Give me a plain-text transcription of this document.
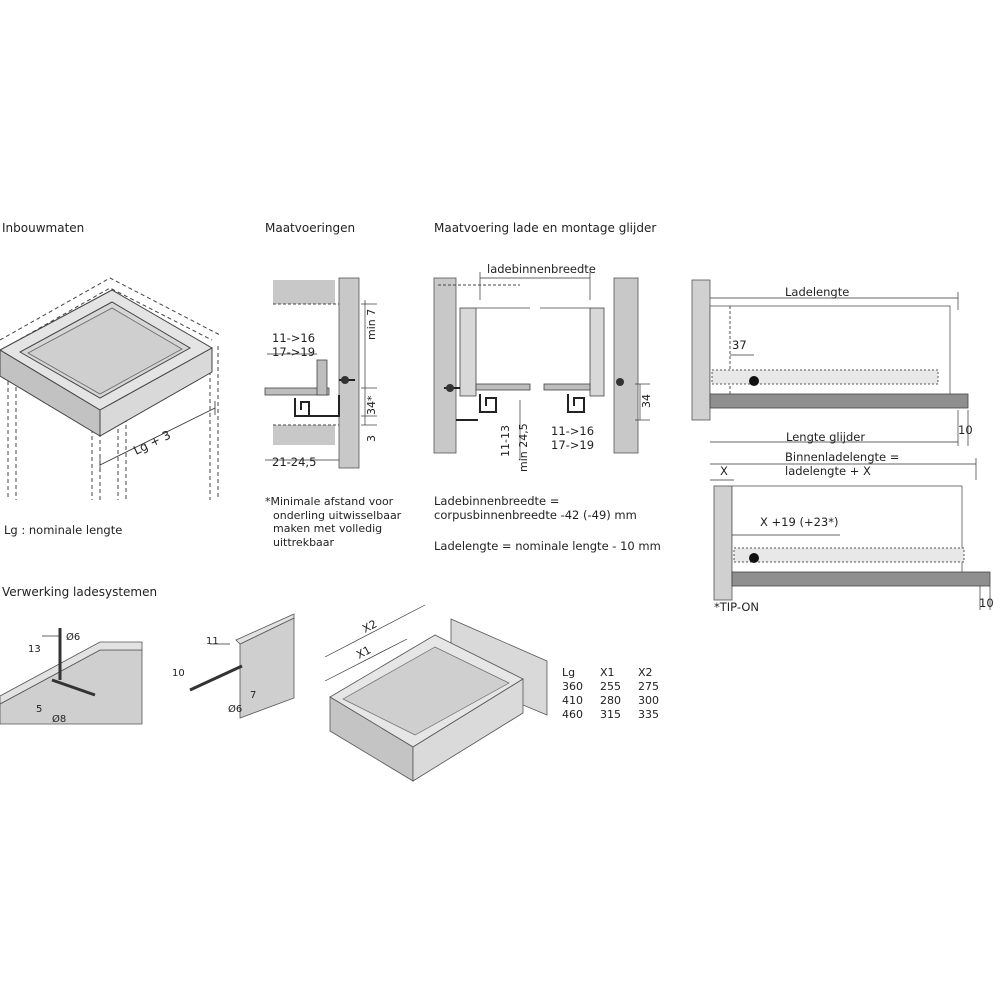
Inbouwmaten	Maatvoeringen	Maatvoering lade en montage glijder
Verwerking ladesystemen
Lg + 3
Lg : nominale lengte
min 7
34*
3
11->16
17->19
21-24,5
*Minimale afstand voor
onderling uitwisselbaar
maken met volledig
uittrekbaar
11-13 min 24,5
34
ladebinnenbreedte
11->16
17->19
Ladebinnenbreedte =
corpusbinnenbreedte -42 (-49) mm
Ladelengte = nominale lengte - 10 mm
Ladelengte
37
Lengte glijder	10
Binnenladelengte =
ladelengte + X
X
X +19 (+23*)
10
*TIP-ON
13
Ø6
5
Ø8
11
10
Ø6
7
X2
X1
Lg	X1	X2
360	255	275
410	280	300
460	315	335
